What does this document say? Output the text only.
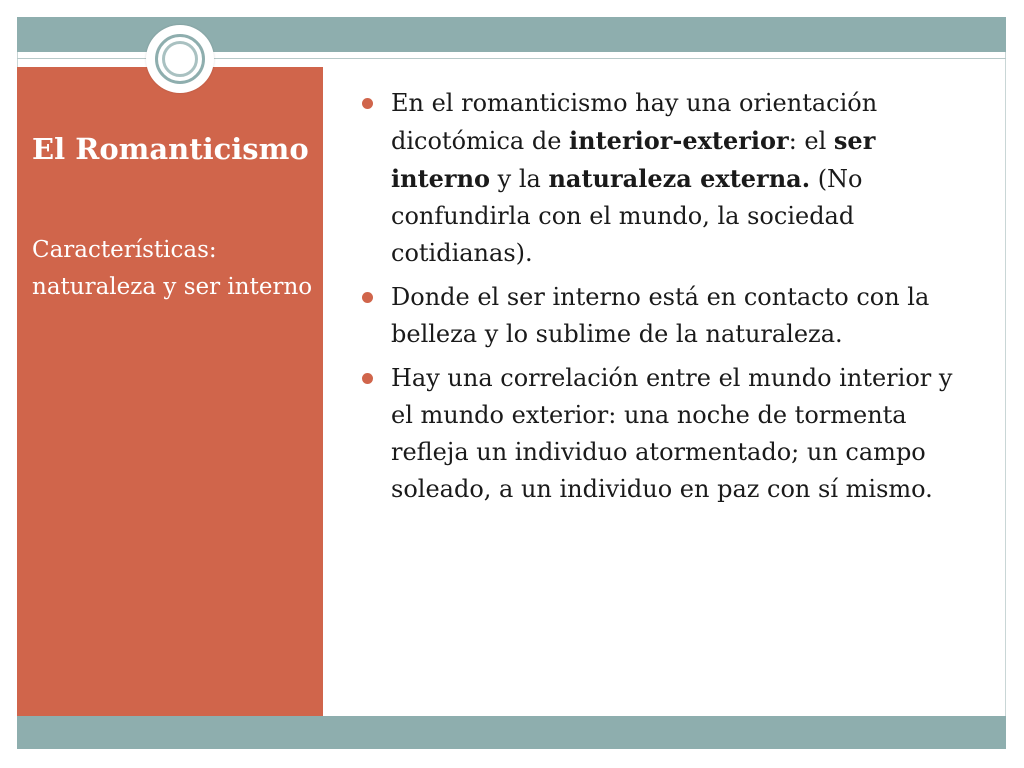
El Romanticismo

Características: naturaleza y ser interno

En el romanticismo hay una orientación dicotómica de interior-exterior: el ser interno y la naturaleza externa. (No confundirla con el mundo, la sociedad cotidianas).
Donde el ser interno está en contacto con la belleza y lo sublime de la naturaleza.
Hay una correlación entre el mundo interior y el mundo exterior: una noche de tormenta refleja un individuo atormentado; un campo soleado, a un individuo en paz con sí mismo.
